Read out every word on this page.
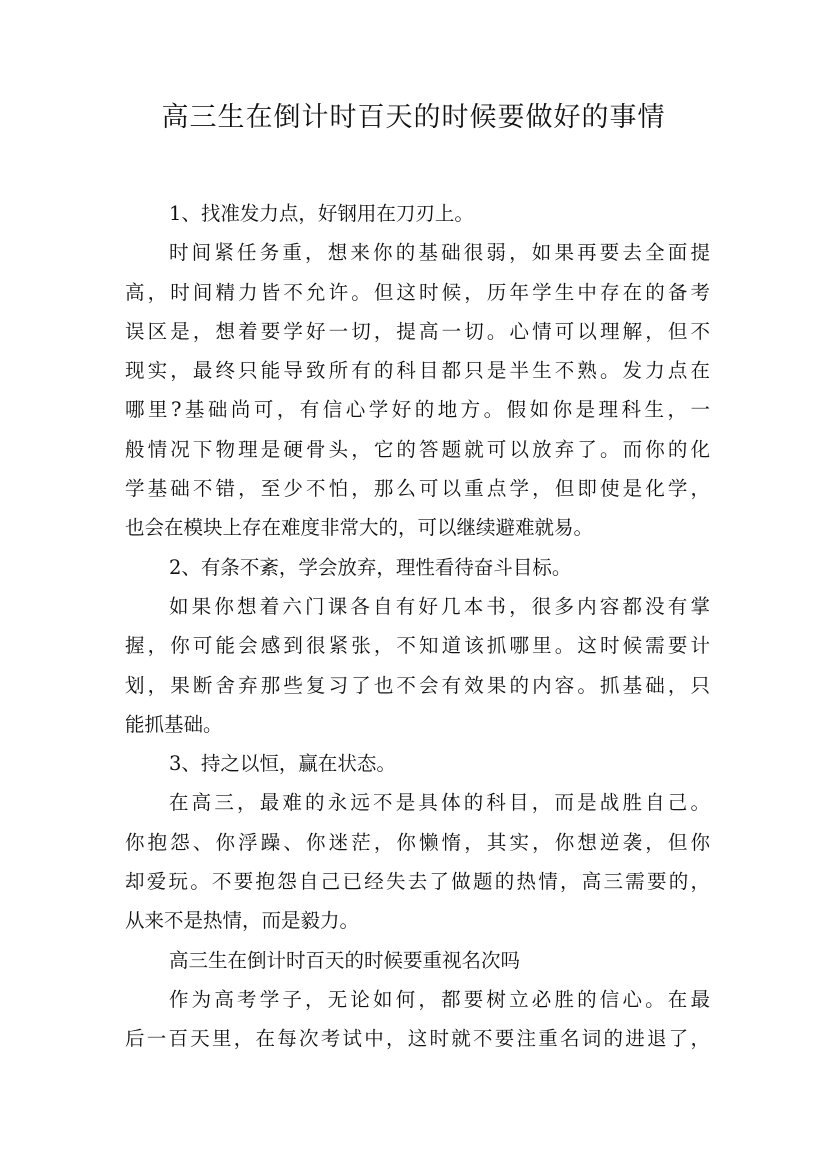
高三生在倒计时百天的时候要做好的事情
1、找准发力点，好钢用在刀刃上。
时间紧任务重，想来你的基础很弱，如果再要去全面提
高，时间精力皆不允许。但这时候，历年学生中存在的备考
误区是，想着要学好一切，提高一切。心情可以理解，但不
现实，最终只能导致所有的科目都只是半生不熟。发力点在
哪里?基础尚可，有信心学好的地方。假如你是理科生，一
般情况下物理是硬骨头，它的答题就可以放弃了。而你的化
学基础不错，至少不怕，那么可以重点学，但即使是化学，
也会在模块上存在难度非常大的，可以继续避难就易。
2、有条不紊，学会放弃，理性看待奋斗目标。
如果你想着六门课各自有好几本书，很多内容都没有掌
握，你可能会感到很紧张，不知道该抓哪里。这时候需要计
划，果断舍弃那些复习了也不会有效果的内容。抓基础，只
能抓基础。
3、持之以恒，赢在状态。
在高三，最难的永远不是具体的科目，而是战胜自己。
你抱怨、你浮躁、你迷茫，你懒惰，其实，你想逆袭，但你
却爱玩。不要抱怨自己已经失去了做题的热情，高三需要的，
从来不是热情，而是毅力。
高三生在倒计时百天的时候要重视名次吗
作为高考学子，无论如何，都要树立必胜的信心。在最
后一百天里，在每次考试中，这时就不要注重名词的进退了，
